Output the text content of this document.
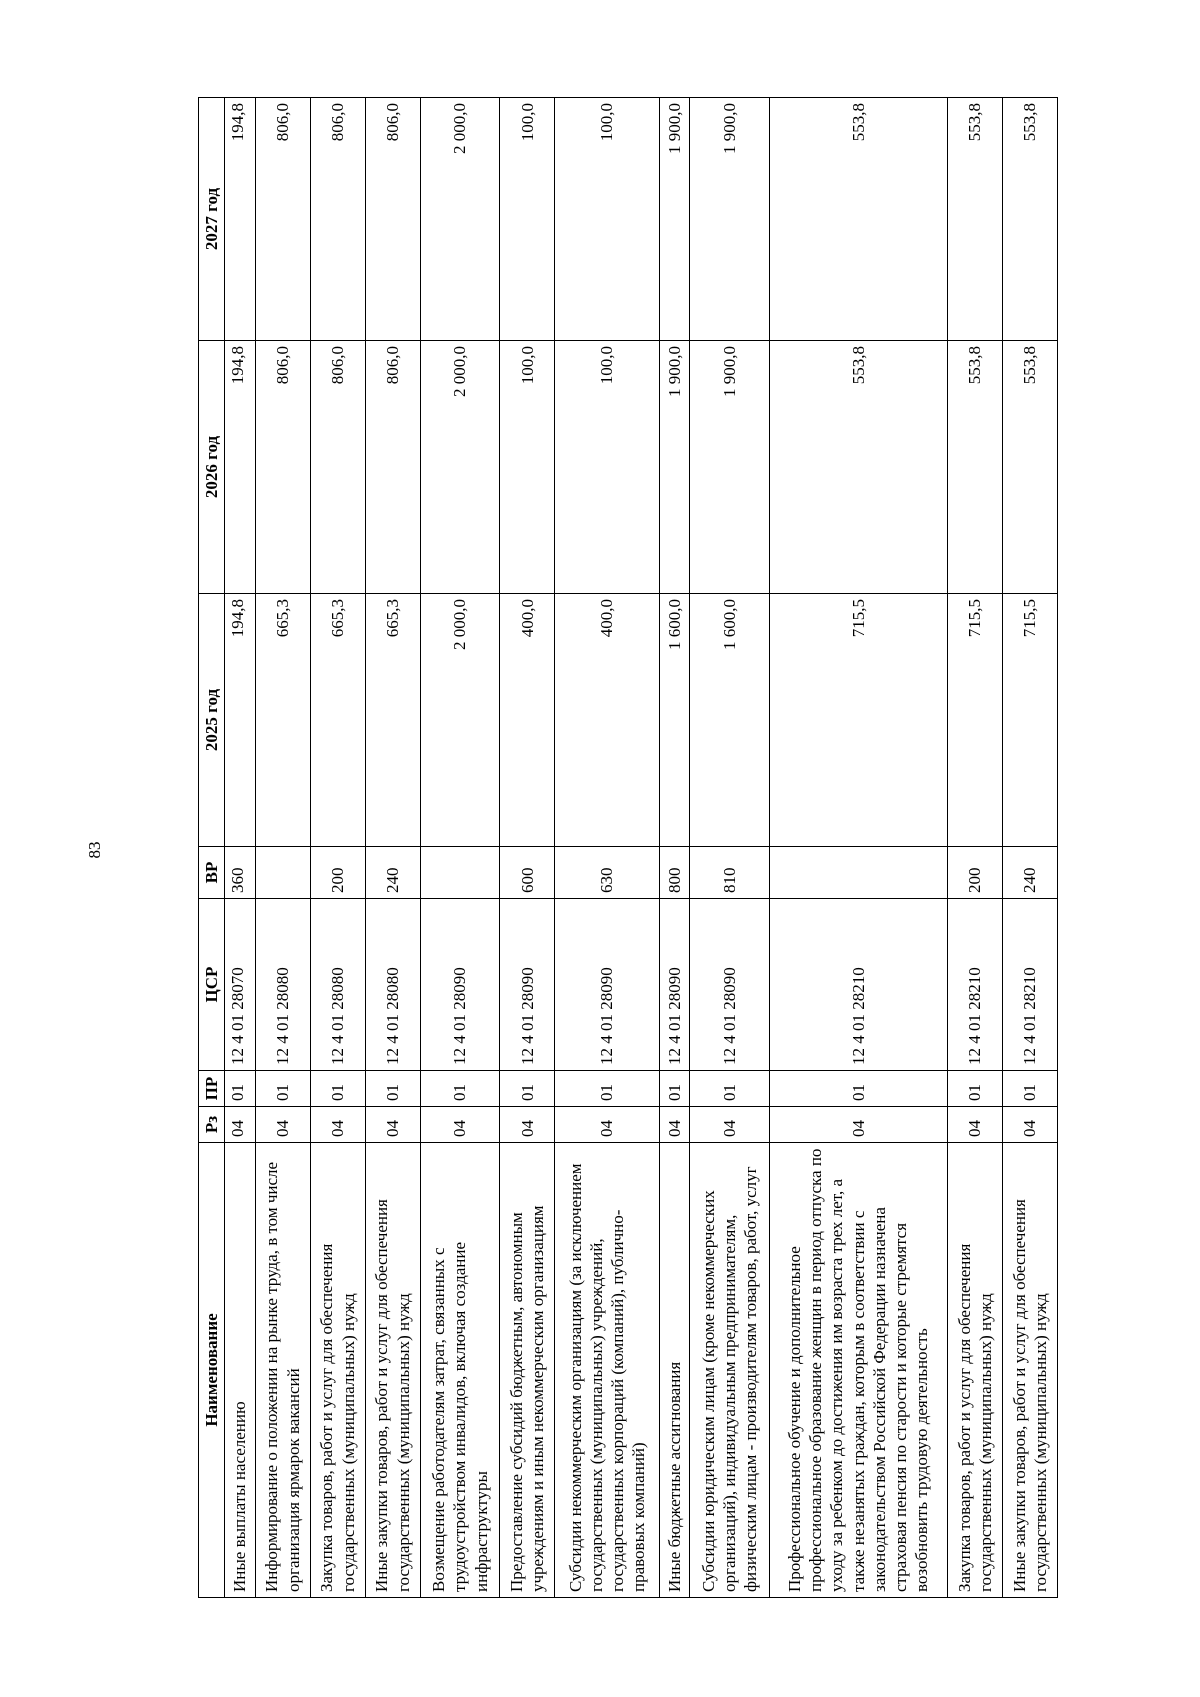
83
Наименование	Рз	ПР	ЦСР	ВР	2025 год	2026 год	2027 год
Иные выплаты населению	04	01	12 4 01 28070	360	194,8	194,8	194,8
Информирование о положении на рынке труда, в том числе организация ярмарок вакансий	04	01	12 4 01 28080		665,3	806,0	806,0
Закупка товаров, работ и услуг для обеспечения государственных (муниципальных) нужд	04	01	12 4 01 28080	200	665,3	806,0	806,0
Иные закупки товаров, работ и услуг для обеспечения государственных (муниципальных) нужд	04	01	12 4 01 28080	240	665,3	806,0	806,0
Возмещение работодателям затрат, связанных с трудоустройством инвалидов, включая создание инфраструктуры	04	01	12 4 01 28090		2 000,0	2 000,0	2 000,0
Предоставление субсидий бюджетным, автономным учреждениям и иным некоммерческим организациям	04	01	12 4 01 28090	600	400,0	100,0	100,0
Субсидии некоммерческим организациям (за исключением государственных (муниципальных) учреждений, государственных корпораций (компаний), публично-правовых компаний)	04	01	12 4 01 28090	630	400,0	100,0	100,0
Иные бюджетные ассигнования	04	01	12 4 01 28090	800	1 600,0	1 900,0	1 900,0
Субсидии юридическим лицам (кроме некоммерческих организаций), индивидуальным предпринимателям, физическим лицам - производителям товаров, работ, услуг	04	01	12 4 01 28090	810	1 600,0	1 900,0	1 900,0
Профессиональное обучение и дополнительное профессиональное образование женщин в период отпуска по уходу за ребенком до достижения им возраста трех лет, а также незанятых граждан, которым в соответствии с законодательством Российской Федерации назначена страховая пенсия по старости и которые стремятся возобновить трудовую деятельность	04	01	12 4 01 28210		715,5	553,8	553,8
Закупка товаров, работ и услуг для обеспечения государственных (муниципальных) нужд	04	01	12 4 01 28210	200	715,5	553,8	553,8
Иные закупки товаров, работ и услуг для обеспечения государственных (муниципальных) нужд	04	01	12 4 01 28210	240	715,5	553,8	553,8
